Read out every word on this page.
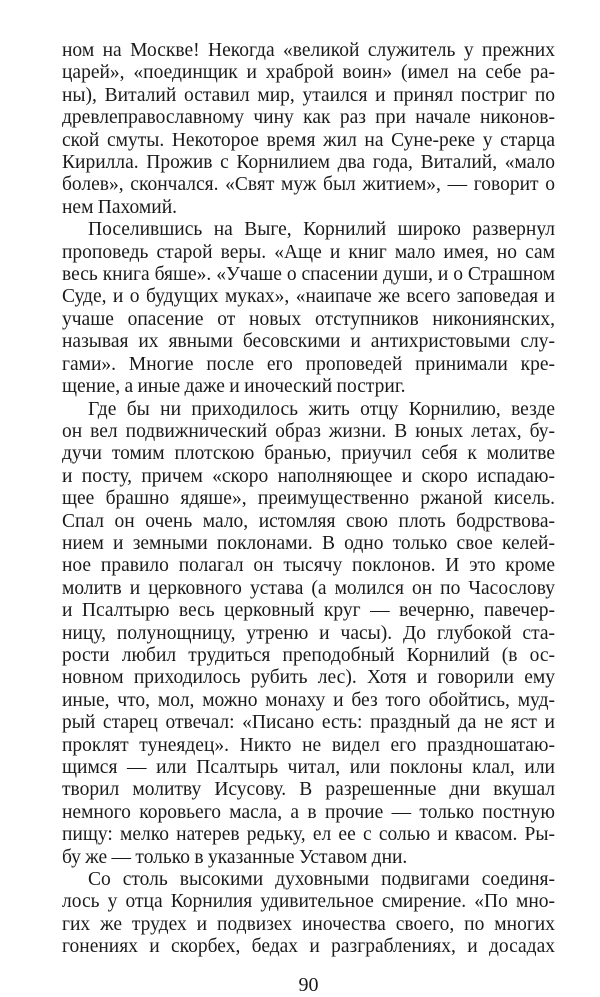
ном на Москве! Некогда «великой служитель у прежних
царей», «поединщик и храброй воин» (имел на себе ра-
ны), Виталий оставил мир, утаился и принял постриг по
древлеправославному чину как раз при начале никонов-
ской смуты. Некоторое время жил на Суне-реке у старца
Кирилла. Прожив с Корнилием два года, Виталий, «мало
болев», скончался. «Свят муж был житием», — говорит о
нем Пахомий.
Поселившись на Выге, Корнилий широко развернул
проповедь старой веры. «Аще и книг мало имея, но сам
весь книга бяше». «Учаше о спасении души, и о Страшном
Суде, и о будущих муках», «наипаче же всего заповедая и
учаше опасение от новых отступников никониянских,
называя их явными бесовскими и антихристовыми слу-
гами». Многие после его проповедей принимали кре-
щение, а иные даже и иноческий постриг.
Где бы ни приходилось жить отцу Корнилию, везде
он вел подвижнический образ жизни. В юных летах, бу-
дучи томим плотскою бранью, приучил себя к молитве
и посту, причем «скоро наполняющее и скоро испадаю-
щее брашно ядяше», преимущественно ржаной кисель.
Спал он очень мало, истомляя свою плоть бодрствова-
нием и земными поклонами. В одно только свое келей-
ное правило полагал он тысячу поклонов. И это кроме
молитв и церковного устава (а молился он по Часослову
и Псалтырю весь церковный круг — вечерню, павечер-
ницу, полунощницу, утреню и часы). До глубокой ста-
рости любил трудиться преподобный Корнилий (в ос-
новном приходилось рубить лес). Хотя и говорили ему
иные, что, мол, можно монаху и без того обойтись, муд-
рый старец отвечал: «Писано есть: праздный да не яст и
проклят тунеядец». Никто не видел его праздношатаю-
щимся — или Псалтырь читал, или поклоны клал, или
творил молитву Исусову. В разрешенные дни вкушал
немного коровьего масла, а в прочие — только постную
пищу: мелко натерев редьку, ел ее с солью и квасом. Ры-
бу же — только в указанные Уставом дни.
Со столь высокими духовными подвигами соединя-
лось у отца Корнилия удивительное смирение. «По мно-
гих же трудех и подвизех иночества своего, по многих
гонениях и скорбех, бедах и разграблениях, и досадах
90
